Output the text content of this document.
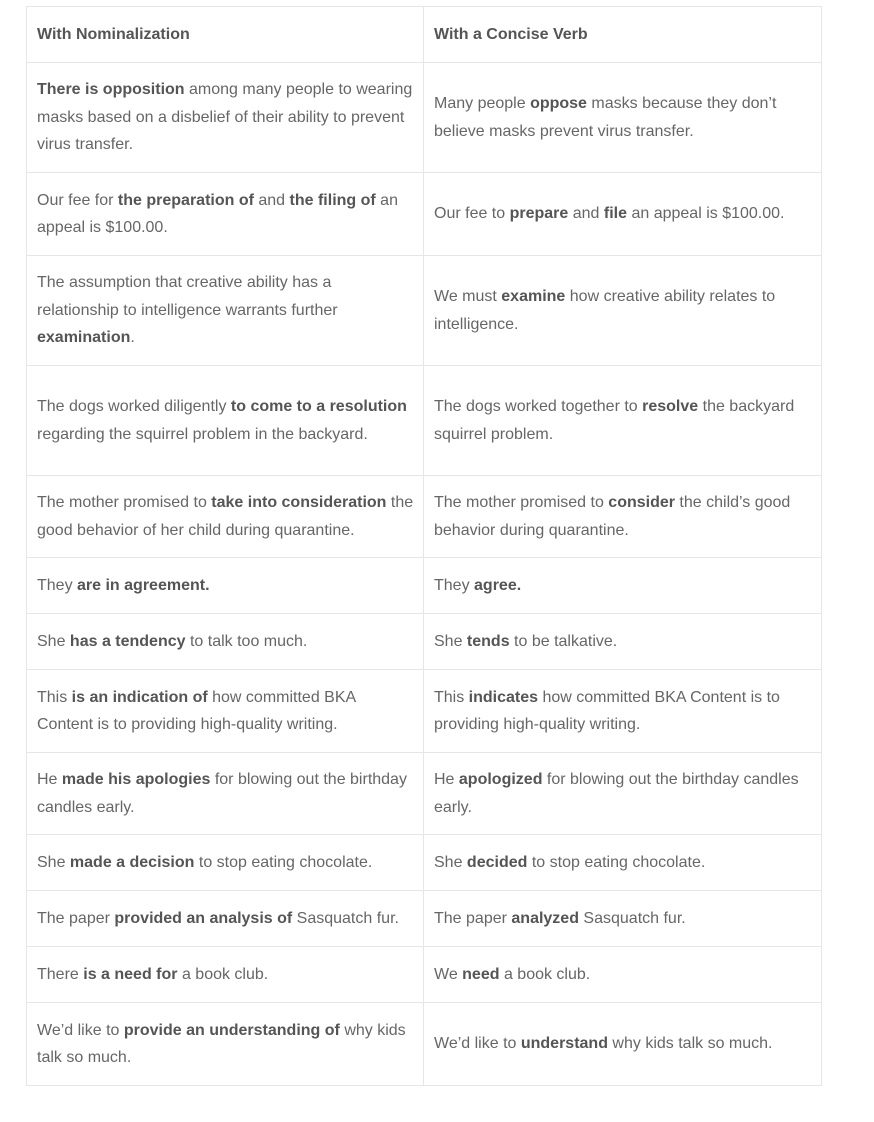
With Nominalization	With a Concise Verb

There is opposition among many people to wearing masks based on a disbelief of their ability to prevent virus transfer.	Many people oppose masks because they don’t believe masks prevent virus transfer.

Our fee for the preparation of and the filing of an appeal is $100.00.	Our fee to prepare and file an appeal is $100.00.

The assumption that creative ability has a relationship to intelligence warrants further examination.	We must examine how creative ability relates to intelligence.

The dogs worked diligently to come to a resolution regarding the squirrel problem in the backyard.	The dogs worked together to resolve the backyard squirrel problem.

The mother promised to take into consideration the good behavior of her child during quarantine.	The mother promised to consider the child’s good behavior during quarantine.

They are in agreement.	They agree.

She has a tendency to talk too much.	She tends to be talkative.

This is an indication of how committed BKA Content is to providing high-quality writing.	This indicates how committed BKA Content is to providing high-quality writing.

He made his apologies for blowing out the birthday candles early.	He apologized for blowing out the birthday candles early.

She made a decision to stop eating chocolate.	She decided to stop eating chocolate.

The paper provided an analysis of Sasquatch fur.	The paper analyzed Sasquatch fur.

There is a need for a book club.	We need a book club.

We’d like to provide an understanding of why kids talk so much.	We’d like to understand why kids talk so much.
